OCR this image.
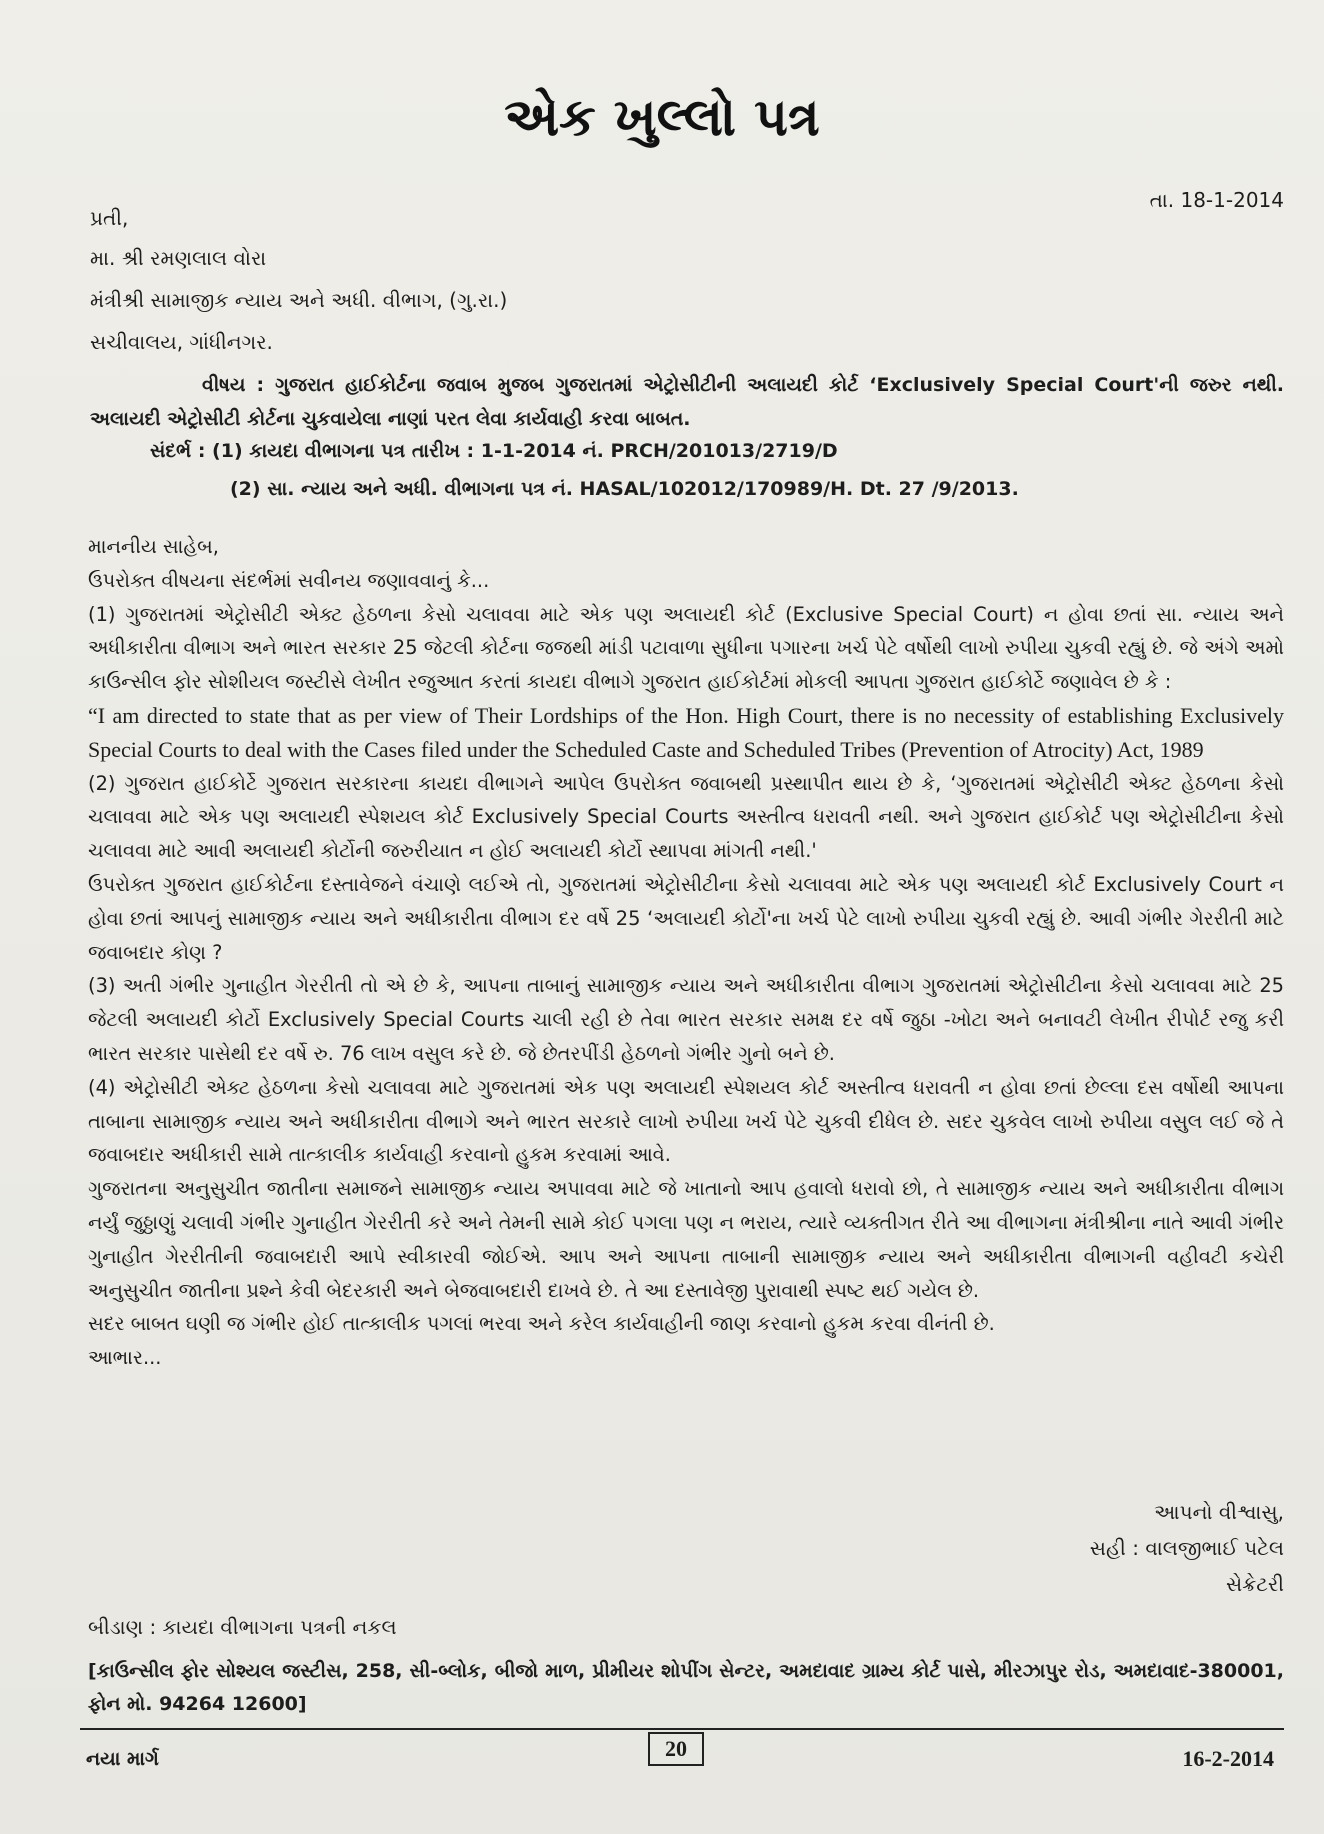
એક ખુલ્લો પત્ર
તા. 18-1-2014
પ્રતી,
મા. શ્રી રમણલાલ વોરા
મંત્રીશ્રી સામાજીક ન્યાય અને અધી. વીભાગ, (ગુ.રા.)
સચીવાલય, ગાંધીનગર.
વીષય : ગુજરાત હાઈકોર્ટના જવાબ મુજબ ગુજરાતમાં એટ્રોસીટીની અલાયદી કોર્ટ ‘Exclusively Special Court'ની જરુર નથી. અલાયદી એટ્રોસીટી કોર્ટના ચુકવાયેલા નાણાં પરત લેવા કાર્યવાહી કરવા બાબત.
સંદર્ભ : (1) કાયદા વીભાગના પત્ર તારીખ : 1-1-2014 નં. PRCH/201013/2719/D
(2) સા. ન્યાય અને અધી. વીભાગના પત્ર નં. HASAL/102012/170989/H. Dt. 27 /9/2013.

માનનીય સાહેબ,

ઉપરોક્ત વીષયના સંદર્ભમાં સવીનય જણાવવાનું કે...

(1) ગુજરાતમાં એટ્રોસીટી એક્ટ હેઠળના કેસો ચલાવવા માટે એક પણ અલાયદી કોર્ટ (Exclusive Special Court) ન હોવા છતાં સા. ન્યાય અને અધીકારીતા વીભાગ અને ભારત સરકાર 25 જેટલી કોર્ટના જજથી માંડી પટાવાળા સુધીના પગારના ખર્ચ પેટે વર્ષોથી લાખો રુપીયા ચુકવી રહ્યું છે. જે અંગે અમો કાઉન્સીલ ફોર સોશીયલ જસ્ટીસે લેખીત રજુઆત કરતાં કાયદા વીભાગે ગુજરાત હાઈકોર્ટમાં મોકલી આપતા ગુજરાત હાઈકોર્ટે જણાવેલ છે કે :

“I am directed to state that as per view of Their Lordships of the Hon. High Court, there is no necessity of establishing Exclusively Special Courts to deal with the Cases filed under the Scheduled Caste and Scheduled Tribes (Prevention of Atrocity) Act, 1989

(2) ગુજરાત હાઈકોર્ટે ગુજરાત સરકારના કાયદા વીભાગને આપેલ ઉપરોક્ત જવાબથી પ્રસ્થાપીત થાય છે કે, ‘ગુજરાતમાં એટ્રોસીટી એક્ટ હેઠળના કેસો ચલાવવા માટે એક પણ અલાયદી સ્પેશયલ કોર્ટ Exclusively Special Courts અસ્તીત્વ ધરાવતી નથી. અને ગુજરાત હાઈકોર્ટ પણ એટ્રોસીટીના કેસો ચલાવવા માટે આવી અલાયદી કોર્ટોની જરુરીયાત ન હોઈ અલાયદી કોર્ટો સ્થાપવા માંગતી નથી.'

ઉપરોક્ત ગુજરાત હાઈકોર્ટના દસ્તાવેજને વંચાણે લઈએ તો, ગુજરાતમાં એટ્રોસીટીના કેસો ચલાવવા માટે એક પણ અલાયદી કોર્ટ Exclusively Court ન હોવા છતાં આપનું સામાજીક ન્યાય અને અધીકારીતા વીભાગ દર વર્ષે 25 ‘અલાયદી કોર્ટો'ના ખર્ચ પેટે લાખો રુપીયા ચુકવી રહ્યું છે. આવી ગંભીર ગેરરીતી માટે જવાબદાર કોણ ?

(3) અતી ગંભીર ગુનાહીત ગેરરીતી તો એ છે કે, આપના તાબાનું સામાજીક ન્યાય અને અધીકારીતા વીભાગ ગુજરાતમાં એટ્રોસીટીના કેસો ચલાવવા માટે 25 જેટલી અલાયદી કોર્ટો Exclusively Special Courts ચાલી રહી છે તેવા ભારત સરકાર સમક્ષ દર વર્ષે જુઠા -ખોટા અને બનાવટી લેખીત રીપોર્ટ રજુ કરી ભારત સરકાર પાસેથી દર વર્ષે રુ. 76 લાખ વસુલ કરે છે. જે છેતરપીંડી હેઠળનો ગંભીર ગુનો બને છે.

(4) એટ્રોસીટી એક્ટ હેઠળના કેસો ચલાવવા માટે ગુજરાતમાં એક પણ અલાયદી સ્પેશયલ કોર્ટ અસ્તીત્વ ધરાવતી ન હોવા છતાં છેલ્લા દસ વર્ષોથી આપના તાબાના સામાજીક ન્યાય અને અધીકારીતા વીભાગે અને ભારત સરકારે લાખો રુપીયા ખર્ચ પેટે ચુકવી દીધેલ છે. સદર ચુકવેલ લાખો રુપીયા વસુલ લઈ જે તે જવાબદાર અધીકારી સામે તાત્કાલીક કાર્યવાહી કરવાનો હુકમ કરવામાં આવે.

ગુજરાતના અનુસુચીત જાતીના સમાજને સામાજીક ન્યાય અપાવવા માટે જે ખાતાનો આપ હવાલો ધરાવો છો, તે સામાજીક ન્યાય અને અધીકારીતા વીભાગ નર્યું જુઠ્ઠાણું ચલાવી ગંભીર ગુનાહીત ગેરરીતી કરે અને તેમની સામે કોઈ પગલા પણ ન ભરાય, ત્યારે વ્યક્તીગત રીતે આ વીભાગના મંત્રીશ્રીના નાતે આવી ગંભીર ગુનાહીત ગેરરીતીની જવાબદારી આપે સ્વીકારવી જોઈએ. આપ અને આપના તાબાની સામાજીક ન્યાય અને અધીકારીતા વીભાગની વહીવટી કચેરી અનુસુચીત જાતીના પ્રશ્ને કેવી બેદરકારી અને બેજવાબદારી દાખવે છે. તે આ દસ્તાવેજી પુરાવાથી સ્પષ્ટ થઈ ગયેલ છે.

સદર બાબત ઘણી જ ગંભીર હોઈ તાત્કાલીક પગલાં ભરવા અને કરેલ કાર્યવાહીની જાણ કરવાનો હુકમ કરવા વીનંતી છે.

આભાર...

આપનો વીશ્વાસુ,
સહી : વાલજીભાઈ પટેલ
સેક્રેટરી
બીડાણ : કાયદા વીભાગના પત્રની નકલ
[કાઉન્સીલ ફોર સોશ્યલ જસ્ટીસ, 258, સી-બ્લોક, બીજો માળ, પ્રીમીયર શોપીંગ સેન્ટર, અમદાવાદ ગ્રામ્ય કોર્ટ પાસે, મીરઝાપુર રોડ, અમદાવાદ-380001, ફોન મો. 94264 12600]
નયા માર્ગ	20	16-2-2014
